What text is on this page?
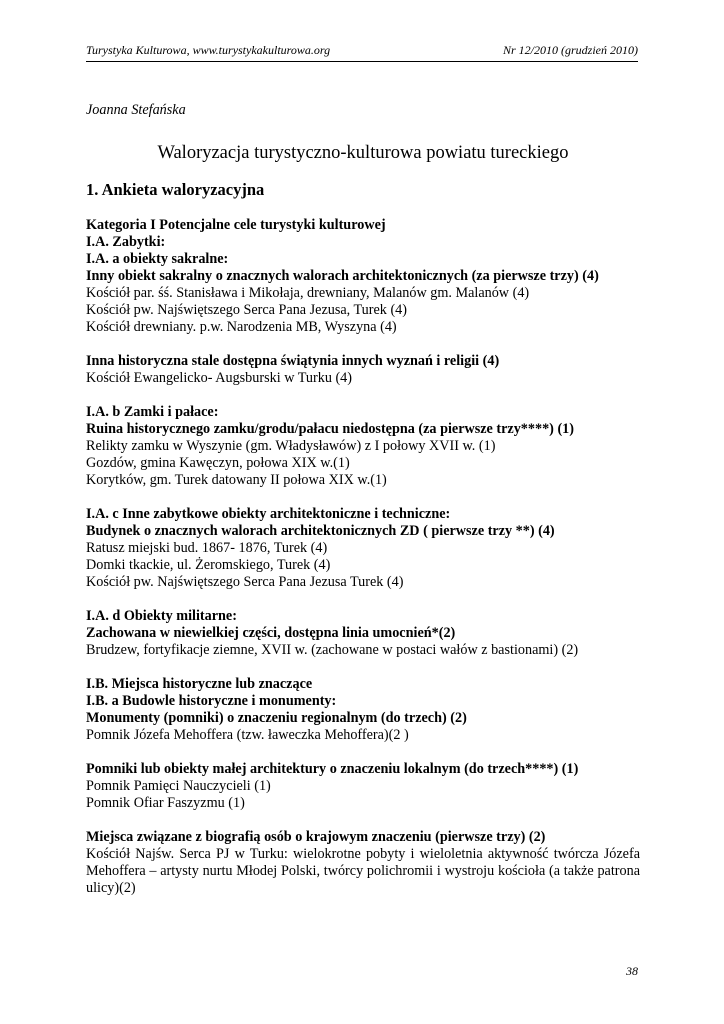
Turystyka Kulturowa, www.turystykakulturowa.org	Nr 12/2010 (grudzień 2010)

Joanna Stefańska

Waloryzacja turystyczno-kulturowa powiatu tureckiego
1. Ankieta waloryzacyjna

Kategoria I Potencjalne cele turystyki kulturowej

I.A. Zabytki:

I.A. a obiekty sakralne:

Inny obiekt sakralny o znacznych walorach architektonicznych (za pierwsze trzy) (4)

Kościół par. śś. Stanisława i Mikołaja, drewniany, Malanów gm. Malanów (4)

Kościół pw. Najświętszego Serca Pana Jezusa, Turek (4)

Kościół drewniany. p.w. Narodzenia MB, Wyszyna (4)

Inna historyczna stale dostępna świątynia innych wyznań i religii (4)

Kościół Ewangelicko- Augsburski w Turku (4)

I.A. b Zamki i pałace:

Ruina historycznego zamku/grodu/pałacu niedostępna (za pierwsze trzy****) (1)

Relikty zamku w Wyszynie (gm. Władysławów) z I połowy XVII w. (1)

Gozdów, gmina Kawęczyn, połowa XIX w.(1)

Korytków, gm. Turek datowany II połowa XIX w.(1)

I.A. c Inne zabytkowe obiekty architektoniczne i techniczne:

Budynek o znacznych walorach architektonicznych ZD ( pierwsze trzy **) (4)

Ratusz miejski bud. 1867- 1876, Turek (4)

Domki tkackie, ul. Żeromskiego, Turek (4)

Kościół pw. Najświętszego Serca Pana Jezusa Turek (4)

I.A. d Obiekty militarne:

Zachowana w niewielkiej części, dostępna linia umocnień*(2)

Brudzew, fortyfikacje ziemne, XVII w. (zachowane w postaci wałów z bastionami) (2)

I.B. Miejsca historyczne lub znaczące

I.B. a Budowle historyczne i monumenty:

Monumenty (pomniki) o znaczeniu regionalnym (do trzech) (2)

Pomnik Józefa Mehoffera (tzw. ławeczka Mehoffera)(2 )

Pomniki lub obiekty małej architektury o znaczeniu lokalnym (do trzech****) (1)

Pomnik Pamięci Nauczycieli (1)

Pomnik Ofiar Faszyzmu (1)

Miejsca związane z biografią osób o krajowym znaczeniu (pierwsze trzy) (2)

Kościół Najśw. Serca PJ w Turku: wielokrotne pobyty i wieloletnia aktywność twórcza Józefa Mehoffera – artysty nurtu Młodej Polski, twórcy polichromii i wystroju kościoła (a także patrona ulicy)(2)

38
